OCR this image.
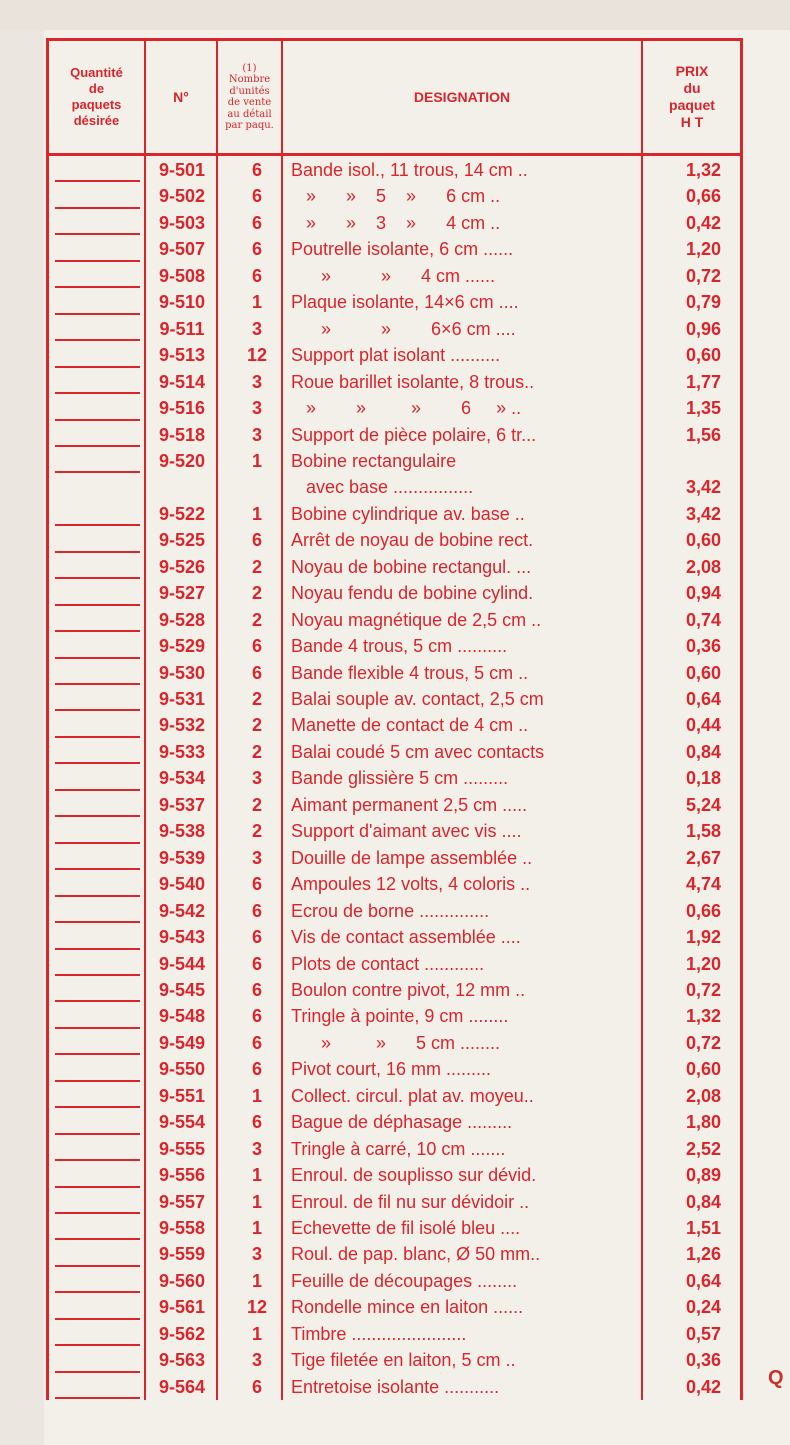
Quantité
de
paquets
désirée
N°
(1)
Nombre
d'unités
de vente
au détail
par paqu.
DESIGNATION
PRIX
du
paquet
H T
9-501	6	Bande isol., 11 trous, 14 cm ..	1,32
9-502	6	»      »    5    »      6 cm ..	0,66
9-503	6	»      »    3    »      4 cm ..	0,42
9-507	6	Poutrelle isolante, 6 cm ......	1,20
9-508	6	»          »      4 cm ......	0,72
9-510	1	Plaque isolante, 14×6 cm ....	0,79
9-511	3	»          »        6×6 cm ....	0,96
9-513	12	Support plat isolant ..........	0,60
9-514	3	Roue barillet isolante, 8 trous..	1,77
9-516	3	»        »         »        6     » ..	1,35
9-518	3	Support de pièce polaire, 6 tr...	1,56
9-520	1	Bobine rectangulaire
avec base ................	3,42
9-522	1	Bobine cylindrique av. base ..	3,42
9-525	6	Arrêt de noyau de bobine rect.	0,60
9-526	2	Noyau de bobine rectangul. ...	2,08
9-527	2	Noyau fendu de bobine cylind.	0,94
9-528	2	Noyau magnétique de 2,5 cm ..	0,74
9-529	6	Bande 4 trous, 5 cm ..........	0,36
9-530	6	Bande flexible 4 trous, 5 cm ..	0,60
9-531	2	Balai souple av. contact, 2,5 cm	0,64
9-532	2	Manette de contact de 4 cm ..	0,44
9-533	2	Balai coudé 5 cm avec contacts	0,84
9-534	3	Bande glissière 5 cm .........	0,18
9-537	2	Aimant permanent 2,5 cm .....	5,24
9-538	2	Support d'aimant avec vis ....	1,58
9-539	3	Douille de lampe assemblée ..	2,67
9-540	6	Ampoules 12 volts, 4 coloris ..	4,74
9-542	6	Ecrou de borne ..............	0,66
9-543	6	Vis de contact assemblée ....	1,92
9-544	6	Plots de contact ............	1,20
9-545	6	Boulon contre pivot, 12 mm ..	0,72
9-548	6	Tringle à pointe, 9 cm ........	1,32
9-549	6	»         »      5 cm ........	0,72
9-550	6	Pivot court, 16 mm .........	0,60
9-551	1	Collect. circul. plat av. moyeu..	2,08
9-554	6	Bague de déphasage .........	1,80
9-555	3	Tringle à carré, 10 cm .......	2,52
9-556	1	Enroul. de souplisso sur dévid.	0,89
9-557	1	Enroul. de fil nu sur dévidoir ..	0,84
9-558	1	Echevette de fil isolé bleu ....	1,51
9-559	3	Roul. de pap. blanc, Ø 50 mm..	1,26
9-560	1	Feuille de découpages ........	0,64
9-561	12	Rondelle mince en laiton ......	0,24
9-562	1	Timbre .......................	0,57
9-563	3	Tige filetée en laiton, 5 cm ..	0,36
9-564	6	Entretoise isolante ...........	0,42 Q
